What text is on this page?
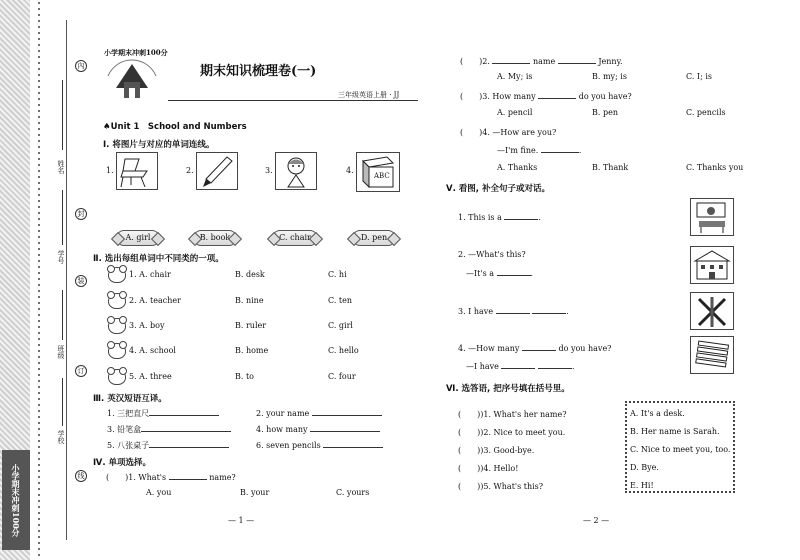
姓名
学号
班级
学校
內
封
装
订
线
小学期末冲刺100分
小学期末冲刺100分
期末知识梳理卷(一)
三年级英语上册 · JJ
♠Unit 1　School and Numbers
Ⅰ. 将图片与对应的单词连线。
1.	2.	3.	4.
ABC
A. girl	B. book	C. chair	D. pen
Ⅱ. 选出每组单词中不同类的一项。
1. A. chair	B. desk	C. hi
2. A. teacher	B. nine	C. ten
3. A. boy	B. ruler	C. girl
4. A. school	B. home	C. hello
5. A. three	B. to	C. four
Ⅲ. 英汉短语互译。
1. 三把直尺	2. your name
3. 铅笔盒	4. how many
5. 八张桌子	6. seven pencils
Ⅳ. 单项选择。
(　　)1. What's	name?
A. you	B. your	C. yours
— 1 —
(　　)2.	name	Jenny.
A. My; is	B. my; is	C. I; is
(　　)3. How many	do you have?
A. pencil	B. pen	C. pencils
(　　)4. —How are you?
—I'm fine.	.
A. Thanks	B. Thank	C. Thanks you
Ⅴ. 看图, 补全句子或对话。
1. This is a	.
2. —What's this?
—It's a	.
3. I have	.
4. —How many	do you have?
—I have	.
Ⅵ. 选答语, 把序号填在括号里。
(　　))1. What's her name?
(　　))2. Nice to meet you.
(　　))3. Good-bye.
(　　))4. Hello!
(　　))5. What's this?
A. It's a desk.
B. Her name is Sarah.
C. Nice to meet you, too.
D. Bye.
E. Hi!
— 2 —
